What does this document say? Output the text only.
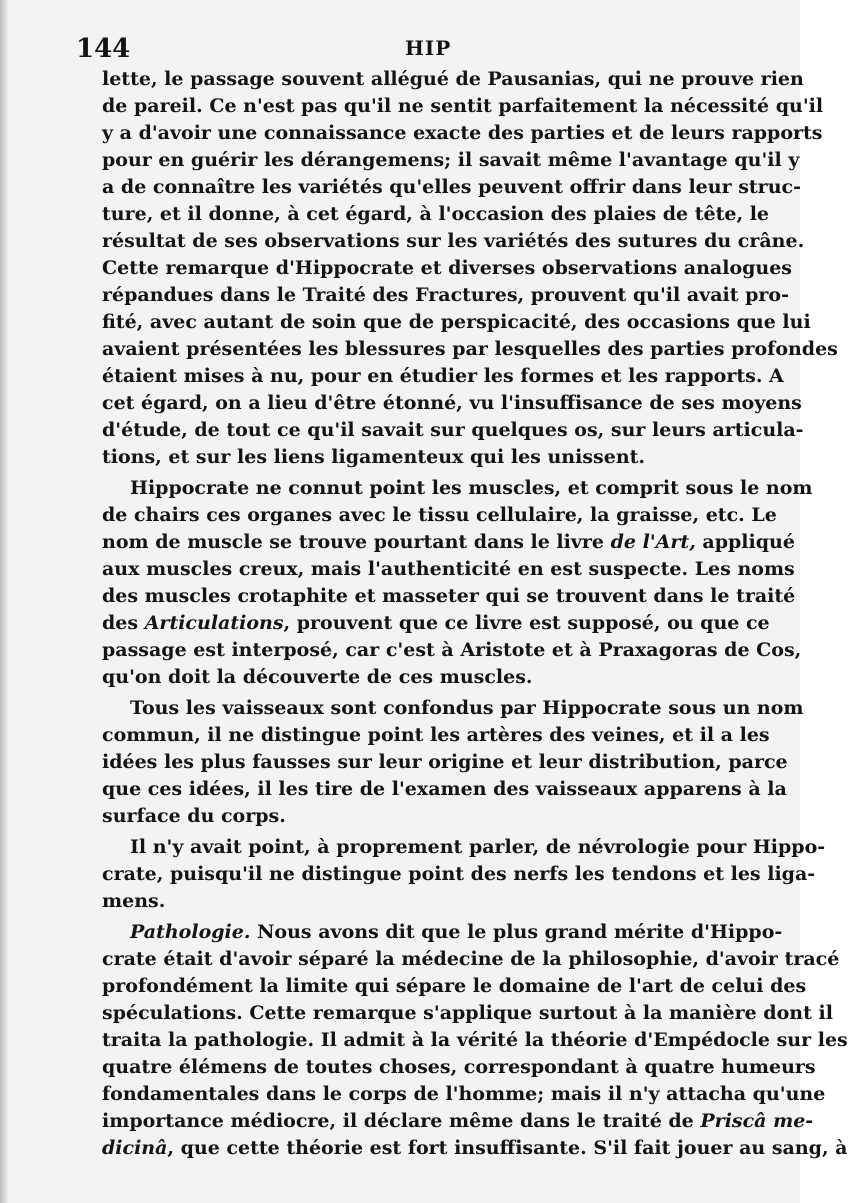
144	HIP
lette, le passage souvent allégué de Pausanias, qui ne prouve rien
de pareil. Ce n'est pas qu'il ne sentit parfaitement la nécessité qu'il
y a d'avoir une connaissance exacte des parties et de leurs rapports
pour en guérir les dérangemens; il savait même l'avantage qu'il y
a de connaître les variétés qu'elles peuvent offrir dans leur struc-
ture, et il donne, à cet égard, à l'occasion des plaies de tête, le
résultat de ses observations sur les variétés des sutures du crâne.
Cette remarque d'Hippocrate et diverses observations analogues
répandues dans le Traité des Fractures, prouvent qu'il avait pro-
fité, avec autant de soin que de perspicacité, des occasions que lui
avaient présentées les blessures par lesquelles des parties profondes
étaient mises à nu, pour en étudier les formes et les rapports. A
cet égard, on a lieu d'être étonné, vu l'insuffisance de ses moyens
d'étude, de tout ce qu'il savait sur quelques os, sur leurs articula-
tions, et sur les liens ligamenteux qui les unissent.
Hippocrate ne connut point les muscles, et comprit sous le nom
de chairs ces organes avec le tissu cellulaire, la graisse, etc. Le
nom de muscle se trouve pourtant dans le livre de l'Art, appliqué
aux muscles creux, mais l'authenticité en est suspecte. Les noms
des muscles crotaphite et masseter qui se trouvent dans le traité
des Articulations, prouvent que ce livre est supposé, ou que ce
passage est interposé, car c'est à Aristote et à Praxagoras de Cos,
qu'on doit la découverte de ces muscles.
Tous les vaisseaux sont confondus par Hippocrate sous un nom
commun, il ne distingue point les artères des veines, et il a les
idées les plus fausses sur leur origine et leur distribution, parce
que ces idées, il les tire de l'examen des vaisseaux apparens à la
surface du corps.
Il n'y avait point, à proprement parler, de névrologie pour Hippo-
crate, puisqu'il ne distingue point des nerfs les tendons et les liga-
mens.
Pathologie. Nous avons dit que le plus grand mérite d'Hippo-
crate était d'avoir séparé la médecine de la philosophie, d'avoir tracé
profondément la limite qui sépare le domaine de l'art de celui des
spéculations. Cette remarque s'applique surtout à la manière dont il
traita la pathologie. Il admit à la vérité la théorie d'Empédocle sur les
quatre élémens de toutes choses, correspondant à quatre humeurs
fondamentales dans le corps de l'homme; mais il n'y attacha qu'une
importance médiocre, il déclare même dans le traité de Priscâ me-
dicinâ, que cette théorie est fort insuffisante. S'il fait jouer au sang, à
